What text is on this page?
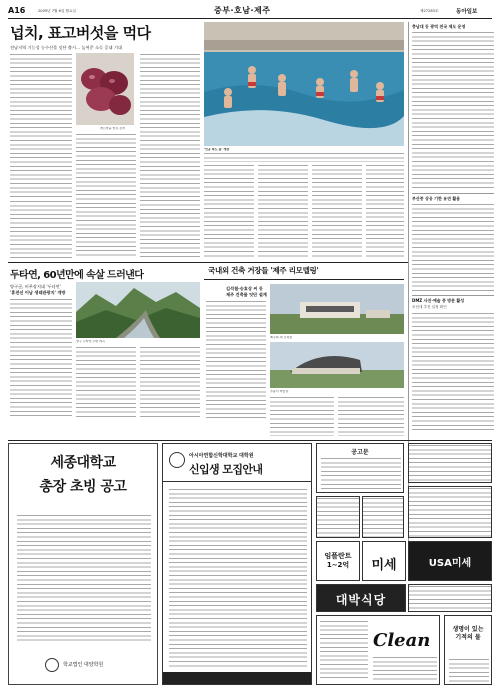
A16	2009년 7월 6일 월요일	중부·호남·제주	제27283호	동아일보
넙치, 표고버섯을 먹다
전남지역 기능성 농수산물 잇단 출시… 높여준 소득 증대 기대
게르마늄 함유 감자
'인공 파도 풀' 개장
충남대 등 광역 전국 제도 운영
부산중 상공 기한 유연 활용
DMZ 사진·예술 중 방문 활성
조선대 추진 일정 확인
두타연, 60년만에 속살 드러낸다
양구군, 비무장지대 '두타연'
'휴전선 이남 생태관광지' 개방
양구 두타연 주변 계곡
국내외 건축 거장들 '제주 리모델링'
김석철·승효상 씨 등
제주 건축물 잇단 설계
제주의 새 건축물
수풍석 박물관
세종대학교
총장 초빙 공고
학교법인 대양학원
아시아연합신학대학교 대학원
신입생 모집안내
공고문
임플란트 1~2억	미세	USA미세
대박식당
Clean
생명이 있는 기적의 물
